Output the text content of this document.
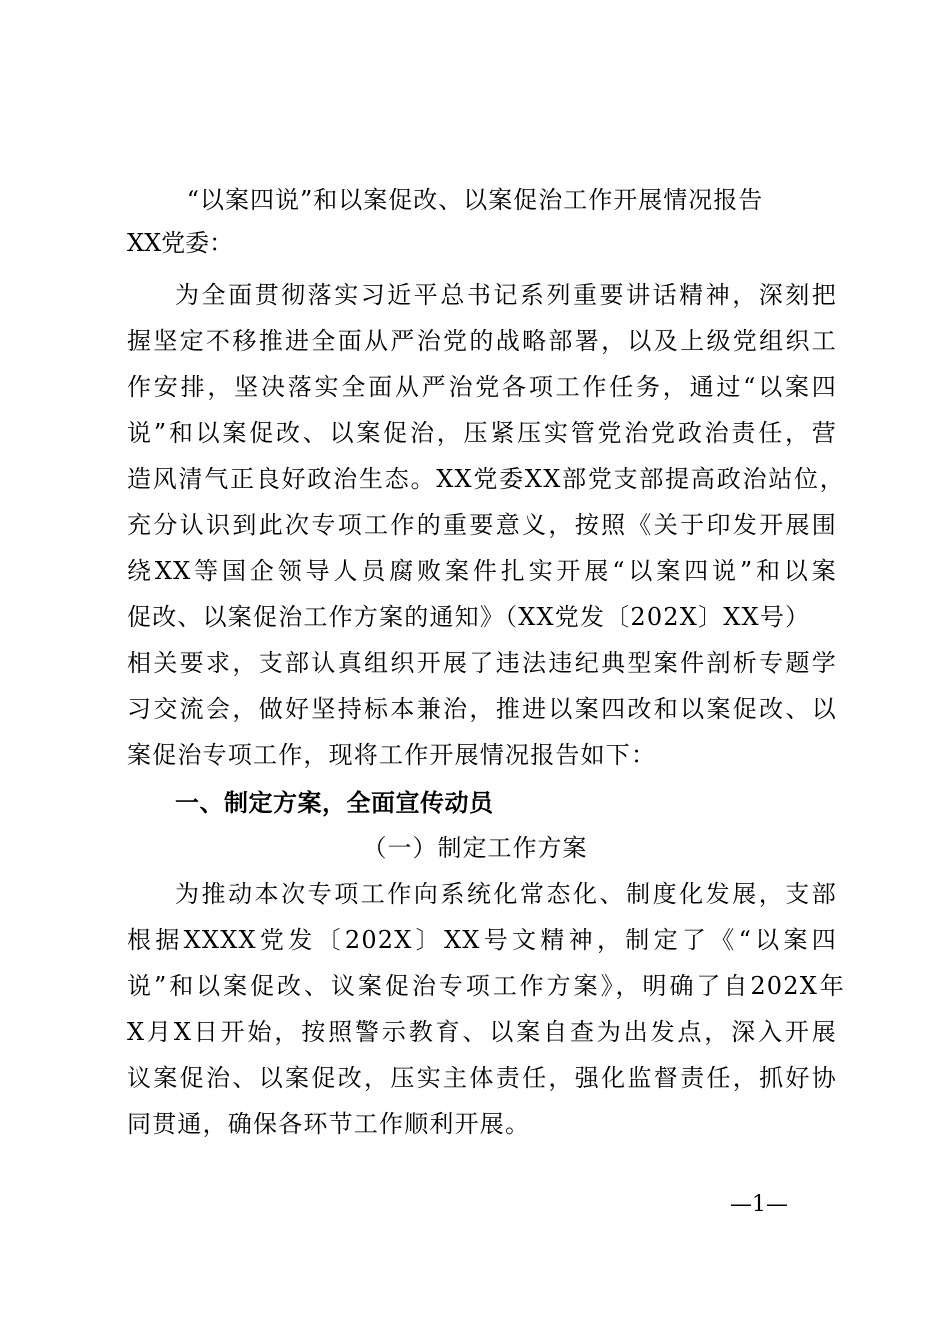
“以案四说”和以案促改、以案促治工作开展情况报告
XX党委：
为全面贯彻落实习近平总书记系列重要讲话精神，深刻把
握坚定不移推进全面从严治党的战略部署，以及上级党组织工
作安排，坚决落实全面从严治党各项工作任务，通过“以案四
说”和以案促改、以案促治，压紧压实管党治党政治责任，营
造风清气正良好政治生态。XX党委XX部党支部提高政治站位，
充分认识到此次专项工作的重要意义，按照《关于印发开展围
绕XX等国企领导人员腐败案件扎实开展“以案四说”和以案
促改、以案促治工作方案的通知》（XX党发〔202X〕XX号）
相关要求，支部认真组织开展了违法违纪典型案件剖析专题学
习交流会，做好坚持标本兼治，推进以案四改和以案促改、以
案促治专项工作，现将工作开展情况报告如下：
一、制定方案，全面宣传动员
（一）制定工作方案
为推动本次专项工作向系统化常态化、制度化发展，支部
根据XXXX党发〔202X〕XX号文精神，制定了《“以案四
说”和以案促改、议案促治专项工作方案》，明确了自202X年
X月X日开始，按照警示教育、以案自查为出发点，深入开展
议案促治、以案促改，压实主体责任，强化监督责任，抓好协
同贯通，确保各环节工作顺利开展。
—1—
